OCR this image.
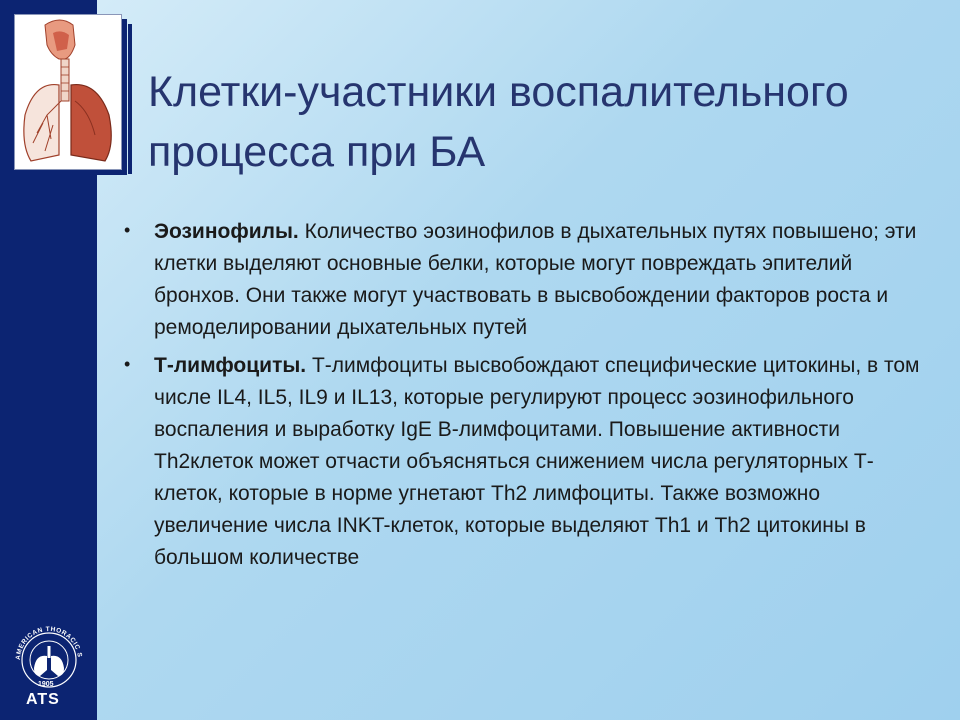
Клетки-участники воспалительного процесса при БА
• Эозинофилы. Количество эозинофилов в дыхательных путях повышено; эти клетки выделяют основные белки, которые могут повреждать эпителий бронхов. Они также могут участвовать в высвобождении факторов роста и ремоделировании дыхательных путей
• Т-лимфоциты. Т-лимфоциты высвобождают специфические цитокины, в том числе IL4, IL5, IL9 и IL13, которые регулируют процесс эозинофильного воспаления и выработку IgE В-лимфоцитами. Повышение активности Th2клеток может отчасти объясняться снижением числа регуляторных Т-клеток, которые в норме угнетают Th2 лимфоциты. Также возможно увеличение числа INKT-клеток, которые выделяют Th1 и Th2 цитокины в большом количестве
AMERICAN THORACIC S
1905
ATS
